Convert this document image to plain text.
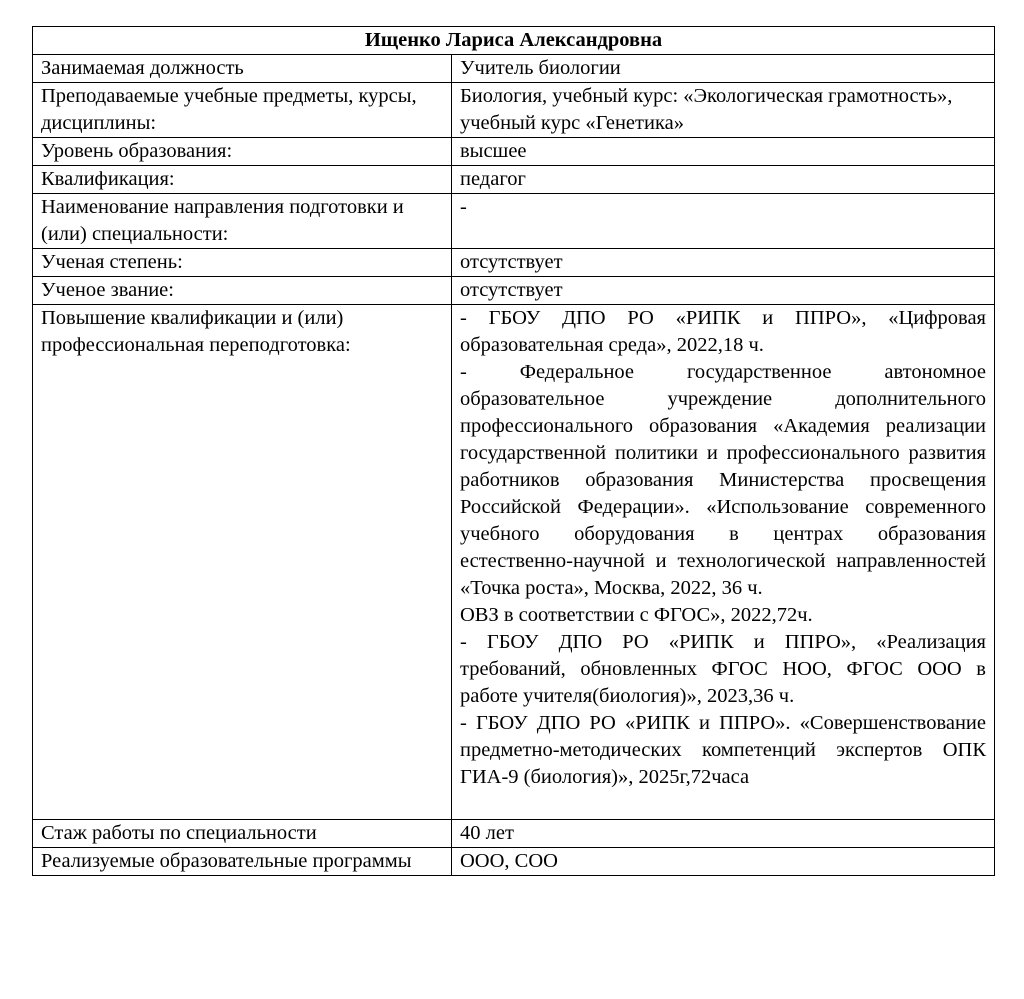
Ищенко Лариса Александровна	
Занимаемая должность	Учитель биологии
Преподаваемые учебные предметы, курсы, дисциплины:	Биология, учебный курс: «Экологическая грамотность», учебный курс «Генетика»
Уровень образования:	высшее
Квалификация:	педагог
Наименование направления подготовки и (или) специальности:	-
Ученая степень:	отсутствует
Ученое звание:	отсутствует
Повышение квалификации и (или) профессиональная переподготовка:	- ГБОУ ДПО РО «РИПК и ППРО», «Цифровая образовательная среда», 2022,18 ч.

- Федеральное государственное автономное образовательное учреждение дополнительного профессионального образования «Академия реализации государственной политики и профессионального развития работников образования Министерства просвещения Российской Федерации». «Использование современного учебного оборудования в центрах образования естественно-научной и технологической направленностей «Точка роста», Москва, 2022, 36 ч.

ОВЗ в соответствии с ФГОС», 2022,72ч.

- ГБОУ ДПО РО «РИПК и ППРО», «Реализация требований, обновленных ФГОС НОО, ФГОС ООО в работе учителя(биология)», 2023,36 ч.

- ГБОУ ДПО РО «РИПК и ППРО». «Совершенствование предметно-методических компетенций экспертов ОПК ГИА-9 (биология)», 2025г,72часа

Стаж работы по специальности	40 лет
Реализуемые образовательные программы	ООО, СОО
